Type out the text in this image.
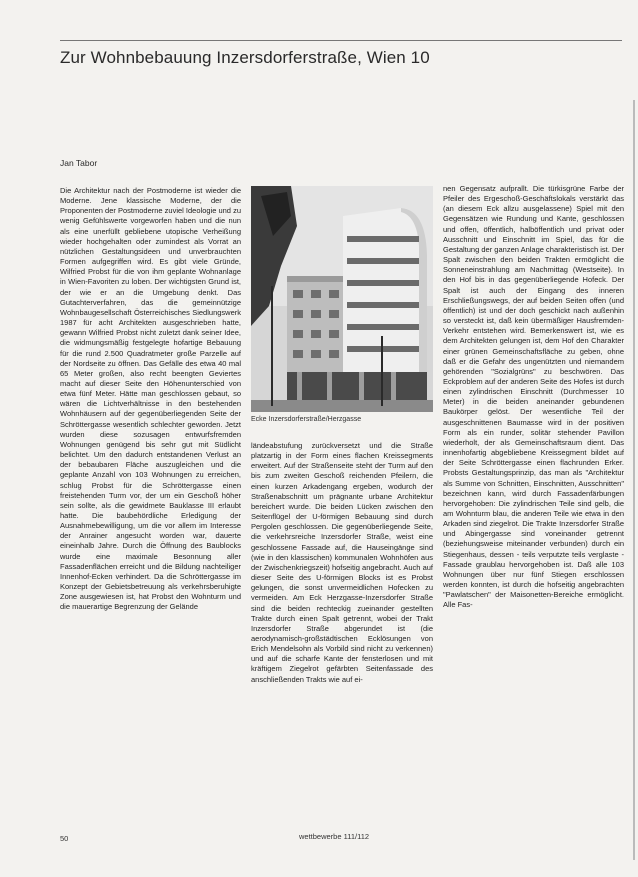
Zur Wohnbebauung Inzersdorferstraße, Wien 10
Jan Tabor

Die Architektur nach der Postmoderne ist wieder die Moderne. Jene klassische Moderne, der die Proponenten der Postmoderne zuviel Ideologie und zu wenig Gefühlswerte vorgeworfen haben und die nun als eine unerfüllt gebliebene utopische Verheißung wieder hochgehalten oder zumindest als Vorrat an nützlichen Gestaltungsideen und unverbrauchten Formen aufgegriffen wird. Es gibt viele Gründe, Wilfried Probst für die von ihm geplante Wohnanlage in Wien-Favoriten zu loben. Der wichtigsten Grund ist, der wie er an die Umgebung denkt. Das Gutachterverfahren, das die gemeinnützige Wohnbaugesellschaft Österreichisches Siedlungswerk 1987 für acht Architekten ausgeschrieben hatte, gewann Wilfried Probst nicht zuletzt dank seiner Idee, die widmungsmäßig festgelegte hofartige Bebauung für die rund 2.500 Quadratmeter große Parzelle auf der Nordseite zu öffnen. Das Gefälle des etwa 40 mal 65 Meter großen, also recht beengten Geviertes macht auf dieser Seite den Höhenunterschied von etwa fünf Meter. Hätte man geschlossen gebaut, so wären die Lichtverhältnisse in den bestehenden Wohnhäusern auf der gegenüberliegenden Seite der Schröttergasse wesentlich schlechter geworden. Jetzt wurden diese sozusagen entwurfsfremden Wohnungen genügend bis sehr gut mit Südlicht belichtet. Um den dadurch entstandenen Verlust an der bebaubaren Fläche auszugleichen und die geplante Anzahl von 103 Wohnungen zu erreichen, schlug Probst für die Schröttergasse einen freistehenden Turm vor, der um ein Geschoß höher sein sollte, als die gewidmete Bauklasse III erlaubt hatte. Die baubehördliche Erledigung der Ausnahmebewilligung, um die vor allem im Interesse der Anrainer angesucht worden war, dauerte eineinhalb Jahre. Durch die Öffnung des Baublocks wurde eine maximale Besonnung aller Fassadenflächen erreicht und die Bildung nachteiliger Innenhof-Ecken verhindert. Da die Schröttergasse im Konzept der Gebietsbetreuung als verkehrsberuhigte Zone ausgewiesen ist, hat Probst den Wohnturm und die mauerartige Begrenzung der Gelände

Ecke Inzersdorferstraße/Herzgasse

ländeabstufung zurückversetzt und die Straße platzartig in der Form eines flachen Kreissegments erweitert. Auf der Straßenseite steht der Turm auf den bis zum zweiten Geschoß reichenden Pfeilern, die einen kurzen Arkadengang ergeben, wodurch der Straßenabschnitt um prägnante urbane Architektur bereichert wurde. Die beiden Lücken zwischen den Seitenflügel der U-förmigen Bebauung sind durch Pergolen geschlossen. Die gegenüberliegende Seite, die verkehrsreiche Inzersdorfer Straße, weist eine geschlossene Fassade auf, die Hauseingänge sind (wie in den klassischen) kommunalen Wohnhöfen aus der Zwischenkriegszeit) hofseitig angebracht. Auch auf dieser Seite des U-förmigen Blocks ist es Probst gelungen, die sonst unvermeidlichen Hofecken zu vermeiden. Am Eck Herzgasse-Inzersdorfer Straße sind die beiden rechteckig zueinander gestellten Trakte durch einen Spalt getrennt, wobei der Trakt Inzersdorfer Straße abgerundet ist (die aerodynamisch-großstädtischen Ecklösungen von Erich Mendelsohn als Vorbild sind nicht zu verkennen) und auf die scharfe Kante der fensterlosen und mit kräftigem Ziegelrot gefärbten Seitenfassade des anschließenden Trakts wie auf ei-

nen Gegensatz aufprallt. Die türkisgrüne Farbe der Pfeiler des Ergeschoß-Geschäftslokals verstärkt das (an diesem Eck allzu ausgelassene) Spiel mit den Gegensätzen wie Rundung und Kante, geschlossen und offen, öffentlich, halböffentlich und privat oder Ausschnitt und Einschnitt im Spiel, das für die Gestaltung der ganzen Anlage charakteristisch ist. Der Spalt zwischen den beiden Trakten ermöglicht die Sonneneinstrahlung am Nachmittag (Westseite). In den Hof bis in das gegenüberliegende Hofeck. Der Spalt ist auch der Eingang des inneren Erschließungswegs, der auf beiden Seiten offen (und öffentlich) ist und der doch geschickt nach außenhin so versteckt ist, daß kein übermäßiger Hausfremden-Verkehr entstehen wird. Bemerkenswert ist, wie es dem Architekten gelungen ist, dem Hof den Charakter einer grünen Gemeinschaftsfläche zu geben, ohne daß er die Gefahr des ungenützten und niemandem gehörenden "Sozialgrüns" zu beschwören. Das Eckproblem auf der anderen Seite des Hofes ist durch einen zylindrischen Einschnitt (Durchmesser 10 Meter) in die beiden aneinander gebundenen Baukörper gelöst. Der wesentliche Teil der ausgeschnittenen Baumasse wird in der positiven Form als ein runder, solitär stehender Pavillon wiederholt, der als Gemeinschaftsraum dient. Das innenhofartig abgebliebene Kreissegment bildet auf der Seite Schröttergasse einen flachrunden Erker. Probsts Gestaltungsprinzip, das man als "Architektur als Summe von Schnitten, Einschnitten, Ausschnitten" bezeichnen kann, wird durch Fassadenfärbungen hervorgehoben: Die zylindrischen Teile sind gelb, die am Wohnturm blau, die anderen Teile wie etwa in den Arkaden sind ziegelrot. Die Trakte Inzersdorfer Straße und Abingergasse sind voneinander getrennt (beziehungsweise miteinander verbunden) durch ein Stiegenhaus, dessen - teils verputzte teils verglaste - Fassade graublau hervorgehoben ist. Daß alle 103 Wohnungen über nur fünf Stiegen erschlossen werden konnten, ist durch die hofseitig angebrachten "Pawlatschen" der Maisonetten-Bereiche ermöglicht. Alle Fas-

50	wettbewerbe 111/112
